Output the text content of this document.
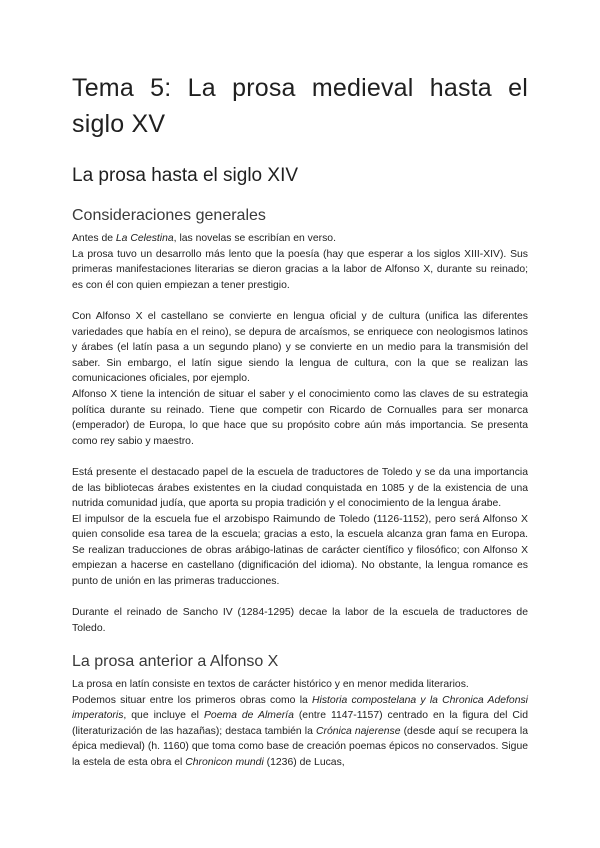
Tema 5: La prosa medieval hasta el siglo XV
La prosa hasta el siglo XIV
Consideraciones generales

Antes de La Celestina, las novelas se escribían en verso.

La prosa tuvo un desarrollo más lento que la poesía (hay que esperar a los siglos XIII-XIV). Sus primeras manifestaciones literarias se dieron gracias a la labor de Alfonso X, durante su reinado; es con él con quien empiezan a tener prestigio.

Con Alfonso X el castellano se convierte en lengua oficial y de cultura (unifica las diferentes variedades que había en el reino), se depura de arcaísmos, se enriquece con neologismos latinos y árabes (el latín pasa a un segundo plano) y se convierte en un medio para la transmisión del saber. Sin embargo, el latín sigue siendo la lengua de cultura, con la que se realizan las comunicaciones oficiales, por ejemplo.

Alfonso X tiene la intención de situar el saber y el conocimiento como las claves de su estrategia política durante su reinado. Tiene que competir con Ricardo de Cornualles para ser monarca (emperador) de Europa, lo que hace que su propósito cobre aún más importancia. Se presenta como rey sabio y maestro.

Está presente el destacado papel de la escuela de traductores de Toledo y se da una importancia de las bibliotecas árabes existentes en la ciudad conquistada en 1085 y de la existencia de una nutrida comunidad judía, que aporta su propia tradición y el conocimiento de la lengua árabe.

El impulsor de la escuela fue el arzobispo Raimundo de Toledo (1126-1152), pero será Alfonso X quien consolide esa tarea de la escuela; gracias a esto, la escuela alcanza gran fama en Europa. Se realizan traducciones de obras arábigo-latinas de carácter científico y filosófico; con Alfonso X empiezan a hacerse en castellano (dignificación del idioma). No obstante, la lengua romance es punto de unión en las primeras traducciones.

Durante el reinado de Sancho IV (1284-1295) decae la labor de la escuela de traductores de Toledo.

La prosa anterior a Alfonso X

La prosa en latín consiste en textos de carácter histórico y en menor medida literarios.

Podemos situar entre los primeros obras como la Historia compostelana y la Chronica Adefonsi imperatoris, que incluye el Poema de Almería (entre 1147-1157) centrado en la figura del Cid (literaturización de las hazañas); destaca también la Crónica najerense (desde aquí se recupera la épica medieval) (h. 1160) que toma como base de creación poemas épicos no conservados. Sigue la estela de esta obra el Chronicon mundi (1236) de Lucas,
